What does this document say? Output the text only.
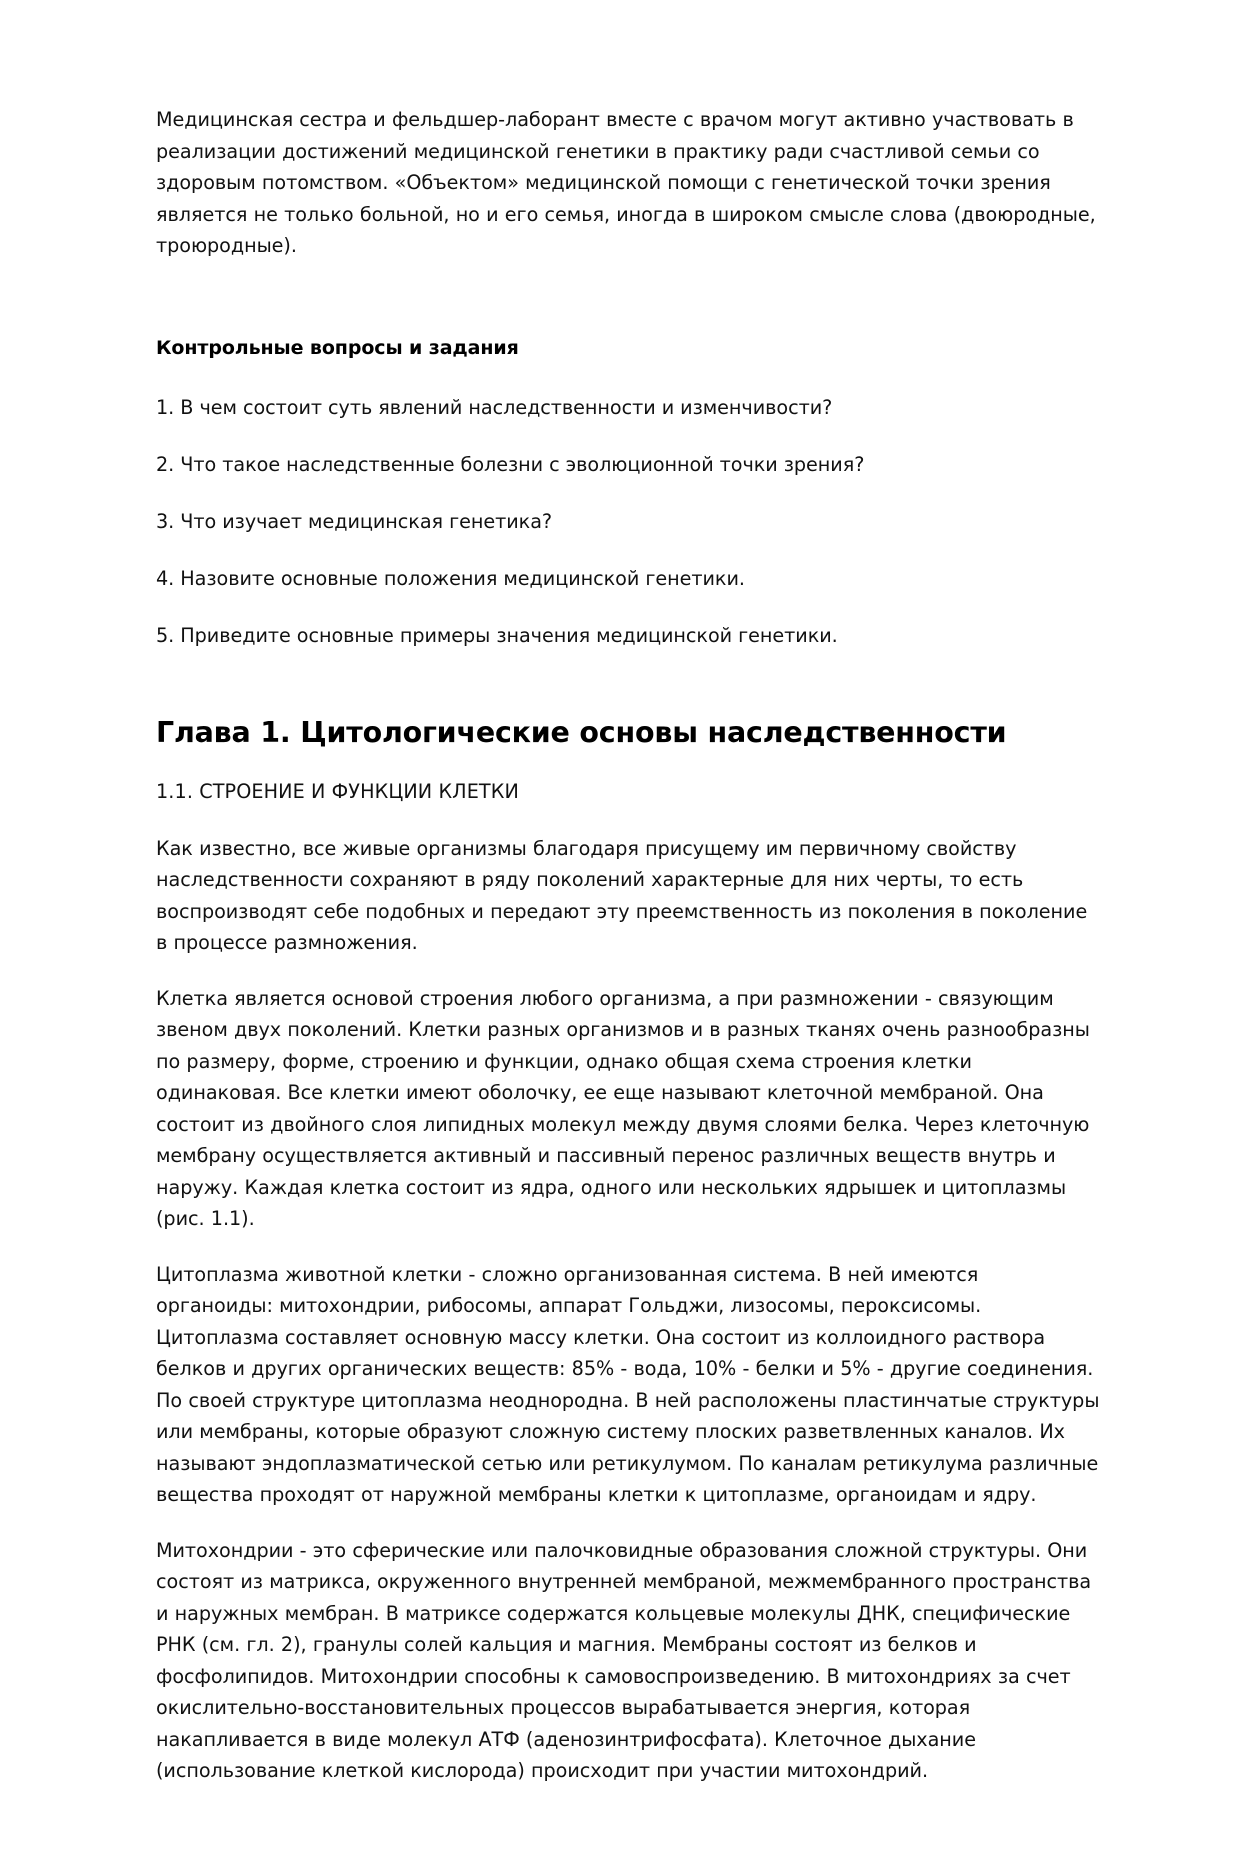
Медицинская сестра и фельдшер-лаборант вместе с врачом могут активно участвовать в реализации достижений медицинской генетики в практику ради счастливой семьи со здоровым потомством. «Объектом» медицинской помощи с генетической точки зрения является не только больной, но и его семья, иногда в широком смысле слова (двоюродные, троюродные).

Контрольные вопросы и задания
1. В чем состоит суть явлений наследственности и изменчивости?
2. Что такое наследственные болезни с эволюционной точки зрения?
3. Что изучает медицинская генетика?
4. Назовите основные положения медицинской генетики.
5. Приведите основные примеры значения медицинской генетики.
Глава 1. Цитологические основы наследственности
1.1. СТРОЕНИЕ И ФУНКЦИИ КЛЕТКИ

Как известно, все живые организмы благодаря присущему им первичному свойству наследственности сохраняют в ряду поколений характерные для них черты, то есть воспроизводят себе подобных и передают эту преемственность из поколения в поколение в процессе размножения.

Клетка является основой строения любого организма, а при размножении - связующим звеном двух поколений. Клетки разных организмов и в разных тканях очень разнообразны по размеру, форме, строению и функции, однако общая схема строения клетки одинаковая. Все клетки имеют оболочку, ее еще называют клеточной мембраной. Она состоит из двойного слоя липидных молекул между двумя слоями белка. Через клеточную мембрану осуществляется активный и пассивный перенос различных веществ внутрь и наружу. Каждая клетка состоит из ядра, одного или нескольких ядрышек и цитоплазмы (рис. 1.1).

Цитоплазма животной клетки - сложно организованная система. В ней имеются органоиды: митохондрии, рибосомы, аппарат Гольджи, лизосомы, пероксисомы. Цитоплазма составляет основную массу клетки. Она состоит из коллоидного раствора белков и других органических веществ: 85% - вода, 10% - белки и 5% - другие соединения. По своей структуре цитоплазма неоднородна. В ней расположены пластинчатые структуры или мембраны, которые образуют сложную систему плоских разветвленных каналов. Их называют эндоплазматической сетью или ретикулумом. По каналам ретикулума различные вещества проходят от наружной мембраны клетки к цитоплазме, органоидам и ядру.

Митохондрии - это сферические или палочковидные образования сложной структуры. Они состоят из матрикса, окруженного внутренней мембраной, межмембранного пространства и наружных мембран. В матриксе содержатся кольцевые молекулы ДНК, специфические РНК (см. гл. 2), гранулы солей кальция и магния. Мембраны состоят из белков и фосфолипидов. Митохондрии способны к самовоспроизведению. В митохондриях за счет окислительно-восстановительных процессов вырабатывается энергия, которая накапливается в виде молекул АТФ (аденозинтрифосфата). Клеточное дыхание (использование клеткой кислорода) происходит при участии митохондрий.
